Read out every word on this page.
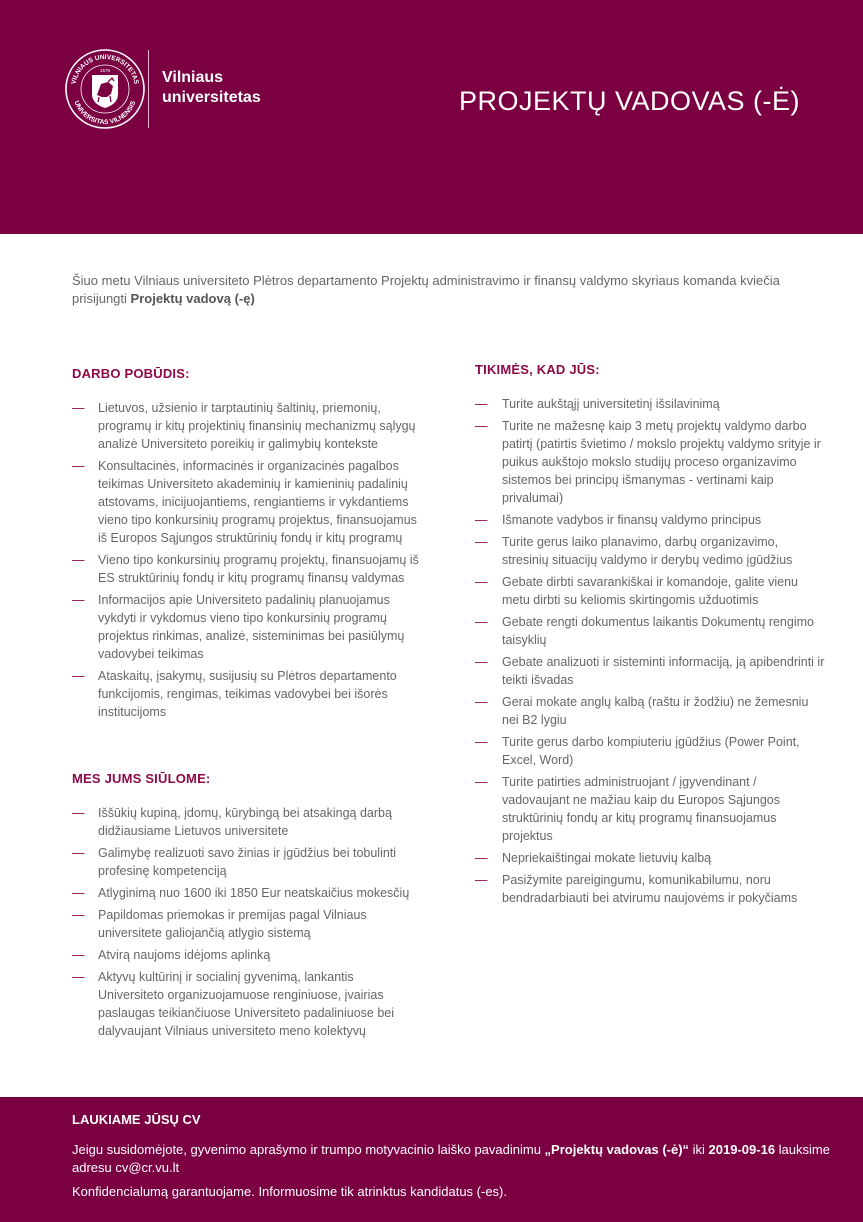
VILNIAUS UNIVERSITETAS
UNIVERSITAS VILNENSIS
1579	Vilniaus
universitetas	PROJEKTŲ VADOVAS (-Ė)
Šiuo metu Vilniaus universiteto Plėtros departamento Projektų administravimo ir finansų valdymo skyriaus komanda kviečia prisijungti Projektų vadovą (-ę)
DARBO POBŪDIS:
— Lietuvos, užsienio ir tarptautinių šaltinių, priemonių, programų ir kitų projektinių finansinių mechanizmų sąlygų analizė Universiteto poreikių ir galimybių kontekste
— Konsultacinės, informacinės ir organizacinės pagalbos teikimas Universiteto akademinių ir kamieninių padalinių atstovams, inicijuojantiems, rengiantiems ir vykdantiems vieno tipo konkursinių programų projektus, finansuojamus iš Europos Sąjungos struktūrinių fondų ir kitų programų
— Vieno tipo konkursinių programų projektų, finansuojamų iš ES struktūrinių fondų ir kitų programų finansų valdymas
— Informacijos apie Universiteto padalinių planuojamus vykdyti ir vykdomus vieno tipo konkursinių programų projektus rinkimas, analizė, sisteminimas bei pasiūlymų vadovybei teikimas
— Ataskaitų, įsakymų, susijusių su Plėtros departamento funkcijomis, rengimas, teikimas vadovybei bei išorės institucijoms
MES JUMS SIŪLOME:
— Iššūkių kupiną, įdomų, kūrybingą bei atsakingą darbą didžiausiame Lietuvos universitete
— Galimybę realizuoti savo žinias ir įgūdžius bei tobulinti profesinę kompetenciją
— Atlyginimą nuo 1600 iki 1850 Eur neatskaičius mokesčių
— Papildomas priemokas ir premijas pagal Vilniaus universitete galiojančią atlygio sistemą
— Atvirą naujoms idėjoms aplinką
— Aktyvų kultūrinį ir socialinį gyvenimą, lankantis Universiteto organizuojamuose renginiuose, įvairias paslaugas teikiančiuose Universiteto padaliniuose bei dalyvaujant Vilniaus universiteto meno kolektyvų
TIKIMĖS, KAD JŪS:
— Turite aukštąjį universitetinį išsilavinimą
— Turite ne mažesnę kaip 3 metų projektų valdymo darbo patirtį (patirtis švietimo / mokslo projektų valdymo srityje ir puikus aukštojo mokslo studijų proceso organizavimo sistemos bei principų išmanymas - vertinami kaip privalumai)
— Išmanote vadybos ir finansų valdymo principus
— Turite gerus laiko planavimo, darbų organizavimo, stresinių situacijų valdymo ir derybų vedimo įgūdžius
— Gebate dirbti savarankiškai ir komandoje, galite vienu metu dirbti su keliomis skirtingomis užduotimis
— Gebate rengti dokumentus laikantis Dokumentų rengimo taisyklių
— Gebate analizuoti ir sisteminti informaciją, ją apibendrinti ir teikti išvadas
— Gerai mokate anglų kalbą (raštu ir žodžiu) ne žemesniu nei B2 lygiu
— Turite gerus darbo kompiuteriu įgūdžius (Power Point, Excel, Word)
— Turite patirties administruojant / įgyvendinant / vadovaujant ne mažiau kaip du Europos Sąjungos struktūrinių fondų ar kitų programų finansuojamus projektus
— Nepriekaištingai mokate lietuvių kalbą
— Pasižymite pareigingumu, komunikabilumu, noru bendradarbiauti bei atvirumu naujovėms ir pokyčiams
LAUKIAME JŪSŲ CV
Jeigu susidomėjote, gyvenimo aprašymo ir trumpo motyvacinio laiško pavadinimu „Projektų vadovas (-ė)“ iki 2019-09-16 lauksime adresu cv@cr.vu.lt
Konfidencialumą garantuojame. Informuosime tik atrinktus kandidatus (-es).
